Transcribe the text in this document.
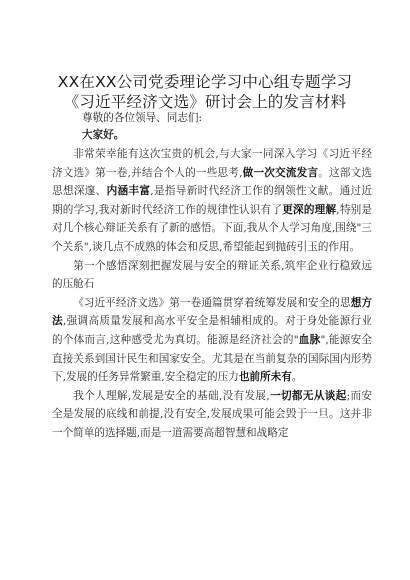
XX在XX公司党委理论学习中心组专题学习
《习近平经济文选》研讨会上的发言材料
尊敬的各位领导、同志们:
大家好。

非常荣幸能有这次宝贵的机会,与大家一同深入学习《习近平经济文选》第一卷,并结合个人的一些思考,做一次交流发言。这部文选思想深邃、内涵丰富,是指导新时代经济工作的纲领性文献。通过近期的学习,我对新时代经济工作的规律性认识有了更深的理解,特别是对几个核心辩证关系有了新的感悟。下面,我从个人学习角度,围绕"三个关系",谈几点不成熟的体会和反思,希望能起到抛砖引玉的作用。

第一个感悟深刻把握发展与安全的辩证关系,筑牢企业行稳致远的压舱石

《习近平经济文选》第一卷通篇贯穿着统筹发展和安全的思想方法,强调高质量发展和高水平安全是相辅相成的。对于身处能源行业的个体而言,这种感受尤为真切。能源是经济社会的"血脉",能源安全直接关系到国计民生和国家安全。尤其是在当前复杂的国际国内形势下,发展的任务异常繁重,安全稳定的压力也前所未有。

我个人理解,发展是安全的基础,没有发展,一切都无从谈起;而安全是发展的底线和前提,没有安全,发展成果可能会毁于一旦。这并非一个简单的选择题,而是一道需要高超智慧和战略定
